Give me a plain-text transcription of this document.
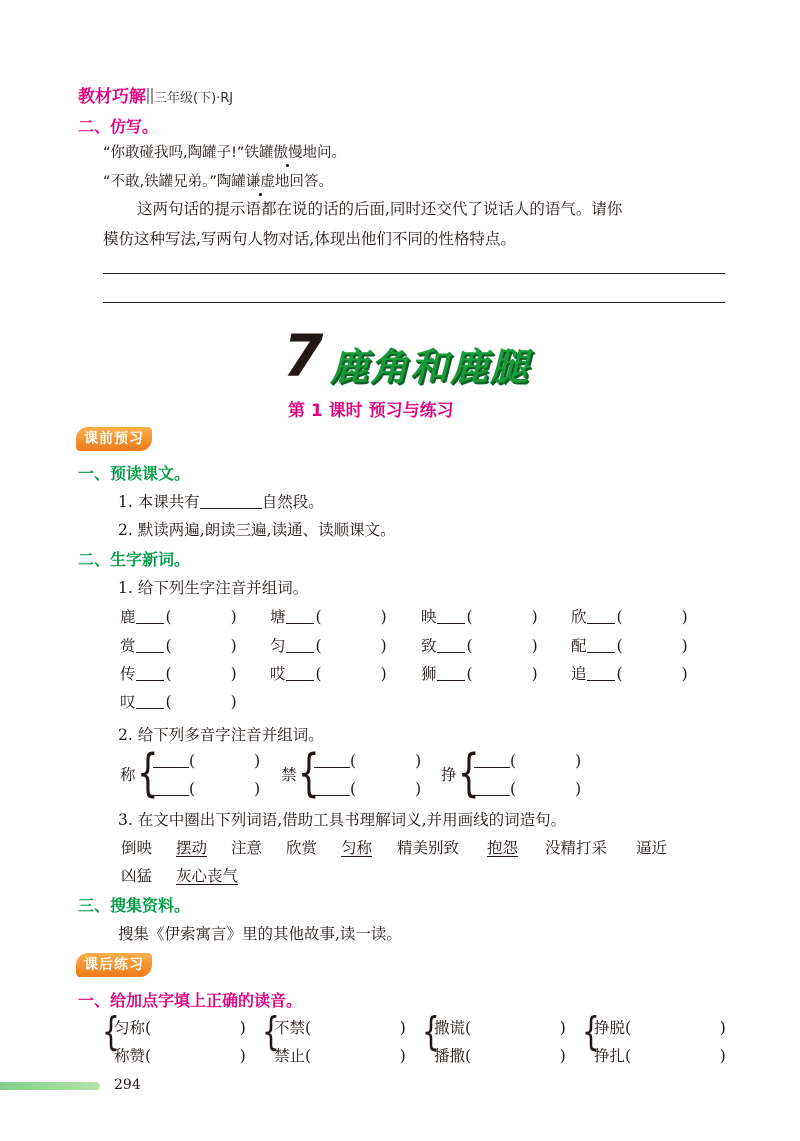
教材巧解 三年级(下)·RJ
二、仿写。
“你敢碰我吗,陶罐子!”铁罐傲慢地问。
“不敢,铁罐兄弟。”陶罐谦虚地回答。
这两句话的提示语都在说的话的后面,同时还交代了说话人的语气。请你
模仿这种写法,写两句人物对话,体现出他们不同的性格特点。
7 鹿角和鹿腿
第 1 课时 预习与练习
课前预习
一、预读课文。
1. 本课共有	自然段。
2. 默读两遍,朗读三遍,读通、读顺课文。
二、生字新词。
1. 给下列生字注音并组词。
鹿 (            ) 塘 (            ) 映 (            ) 欣 (            )
赏 (            ) 匀 (            ) 致 (            ) 配 (            )
传 (            ) 哎 (            ) 狮 (            ) 追 (            )
叹 (            )
2. 给下列多音字注音并组词。
称 {	(            )
(            )
禁 {	(            )
(            )
挣 {	(            )
(            )
3. 在文中圈出下列词语,借助工具书理解词义,并用画线的词造句。
倒映 摆动 注意 欣赏 匀称 精美别致 抱怨 没精打采 逼近
凶猛 灰心丧气
三、搜集资料。
搜集《伊索寓言》里的其他故事,读一读。
课后练习
一、给加点字填上正确的读音。
{
匀称(                  )
称赞(                  )
{
不禁(                  )
禁止(                  )
{
撒谎(                  )
播撒(                  )
{
挣脱(                  )
挣扎(                  )
294
